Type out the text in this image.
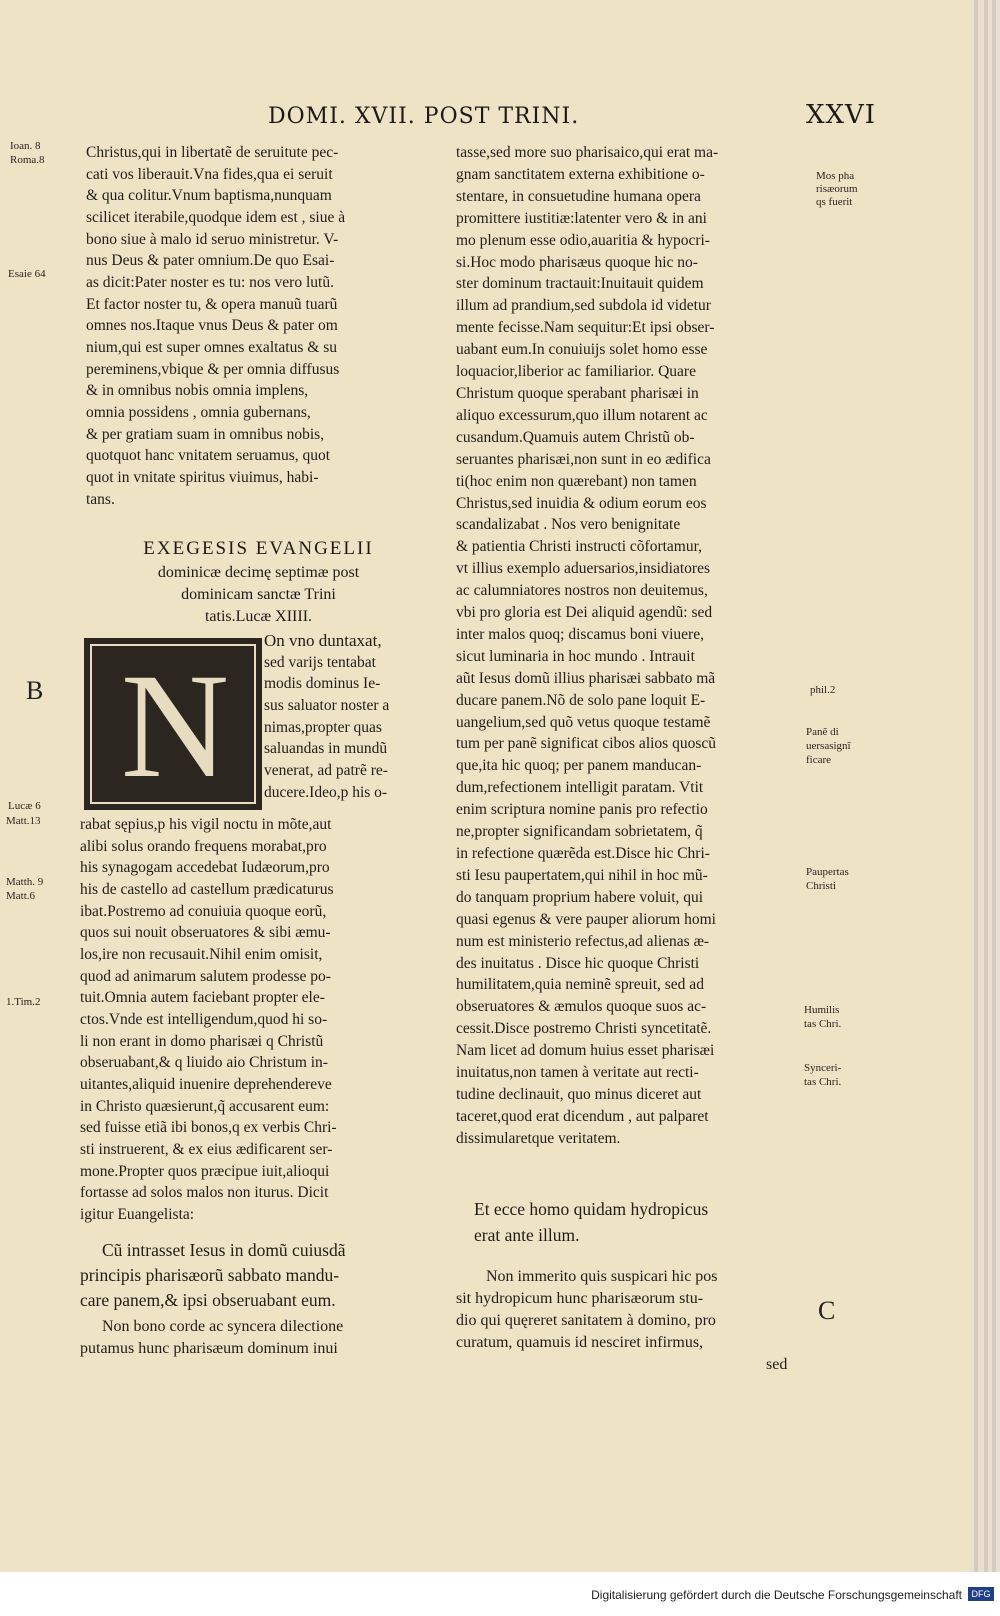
DOMI. XVII. POST TRINI.	XXVI
Christus,qui in libertatẽ de seruitute pec-
cati vos liberauit.Vna fides,qua ei seruit
& qua colitur.Vnum baptisma,nunquam
scilicet iterabile,quodque idem est , siue à
bono siue à malo id seruo ministretur. V-
nus Deus & pater omnium.De quo Esai-
as dicit:Pater noster es tu: nos vero lutũ.
Et factor noster tu, & opera manuũ tuarũ
omnes nos.Itaque vnus Deus & pater om
nium,qui est super omnes exaltatus & su
pereminens,vbique & per omnia diffusus
& in omnibus nobis omnia implens,
omnia possidens , omnia gubernans,
& per gratiam suam in omnibus nobis,
quotquot hanc vnitatem seruamus, quot
quot in vnitate spiritus viuimus, habi-
tans.
EXEGESIS EVANGELII
dominicæ decimę septimæ post
dominicam sanctæ Trini
tatis.Lucæ XIIII.
N
On vno duntaxat,
sed varijs tentabat
modis dominus Ie-
sus saluator noster a
nimas,propter quas
saluandas in mundũ
venerat, ad patrẽ re-
ducere.Ideo,p his o-
rabat sępius,p his vigil noctu in mõte,aut
alibi solus orando frequens morabat,pro
his synagogam accedebat Iudæorum,pro
his de castello ad castellum prædicaturus
ibat.Postremo ad conuiuia quoque eorũ,
quos sui nouit obseruatores & sibi æmu-
los,ire non recusauit.Nihil enim omisit,
quod ad animarum salutem prodesse po-
tuit.Omnia autem faciebant propter ele-
ctos.Vnde est intelligendum,quod hi so-
li non erant in domo pharisæi q Christũ
obseruabant,& q liuido aio Christum in-
uitantes,aliquid inuenire deprehendereve
in Christo quæsierunt,q̃ accusarent eum:
sed fuisse etiã ibi bonos,q ex verbis Chri-
sti instruerent, & ex eius ædificarent ser-
mone.Propter quos præcipue iuit,alioqui
fortasse ad solos malos non iturus. Dicit
igitur Euangelista:
Cũ intrasset Iesus in domũ cuiusdã
principis pharisæorũ sabbato mandu-
care panem,& ipsi obseruabant eum.
Non bono corde ac syncera dilectione
putamus hunc pharisæum dominum inui
tasse,sed more suo pharisaico,qui erat ma-
gnam sanctitatem externa exhibitione o-
stentare, in consuetudine humana opera
promittere iustitiæ:latenter vero & in ani
mo plenum esse odio,auaritia & hypocri-
si.Hoc modo pharisæus quoque hic no-
ster dominum tractauit:Inuitauit quidem
illum ad prandium,sed subdola id videtur
mente fecisse.Nam sequitur:Et ipsi obser-
uabant eum.In conuiuijs solet homo esse
loquacior,liberior ac familiarior. Quare
Christum quoque sperabant pharisæi in
aliquo excessurum,quo illum notarent ac
cusandum.Quamuis autem Christũ ob-
seruantes pharisæi,non sunt in eo ædifica
ti(hoc enim non quærebant) non tamen
Christus,sed inuidia & odium eorum eos
scandalizabat . Nos vero benignitate
& patientia Christi instructi cõfortamur,
vt illius exemplo aduersarios,insidiatores
ac calumniatores nostros non deuitemus,
vbi pro gloria est Dei aliquid agendũ: sed
inter malos quoq; discamus boni viuere,
sicut luminaria in hoc mundo . Intrauit
aũt Iesus domũ illius pharisæi sabbato mã
ducare panem.Nõ de solo pane loquit E-
uangelium,sed quõ vetus quoque testamẽ
tum per panẽ significat cibos alios quoscũ
que,ita hic quoq; per panem manducan-
dum,refectionem intelligit paratam. Vtit
enim scriptura nomine panis pro refectio
ne,propter significandam sobrietatem, q̃
in refectione quærẽda est.Disce hic Chri-
sti Iesu paupertatem,qui nihil in hoc mũ-
do tanquam proprium habere voluit, qui
quasi egenus & vere pauper aliorum homi
num est ministerio refectus,ad alienas æ-
des inuitatus . Disce hic quoque Christi
humilitatem,quia neminẽ spreuit, sed ad
obseruatores & æmulos quoque suos ac-
cessit.Disce postremo Christi syncetitatẽ.
Nam licet ad domum huius esset pharisæi
inuitatus,non tamen à veritate aut recti-
tudine declinauit, quo minus diceret aut
taceret,quod erat dicendum , aut palparet
dissimularetque veritatem.
Et ecce homo quidam hydropicus
erat ante illum.
Non immerito quis suspicari hic pos
sit hydropicum hunc pharisæorum stu-
dio qui quęreret sanitatem à domino, pro
curatum, quamuis id nesciret infirmus,
sed
Ioan. 8
Roma.8
Esaie 64
B
Lucæ 6
Matt.13
Matth. 9
Matt.6
1.Tim.2
Mos pha
risæorum
qs fuerit
phil.2
Panẽ di
uersasignĩ
ficare
Paupertas
Christi
Humilis
tas Chri.
Synceri-
tas Chri.
C
Digitalisierung gefördert durch die Deutsche Forschungsgemeinschaft	DFG
